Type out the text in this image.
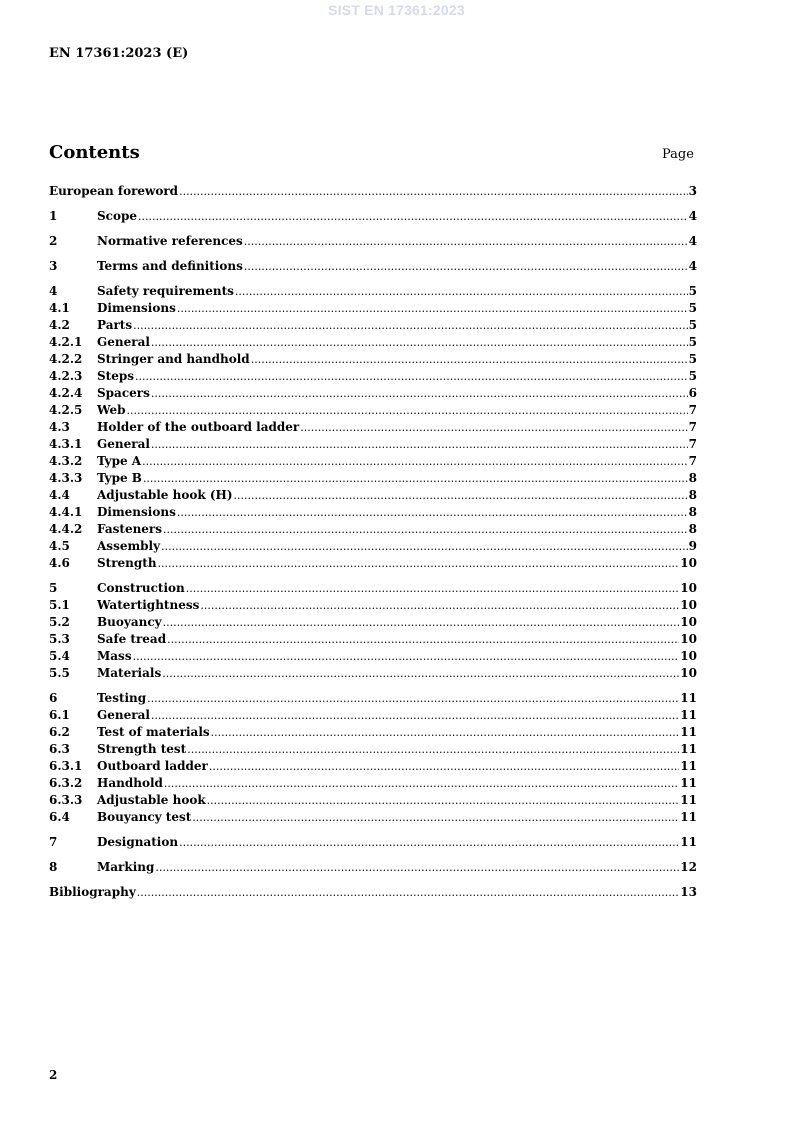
SIST EN 17361:2023
EN 17361:2023 (E)
Contents	Page
European foreword .....	3
1	Scope .....	4
2	Normative references .....	4
3	Terms and definitions .....	4
4	Safety requirements .....	5
4.1	Dimensions .....	5
4.2	Parts .....	5
4.2.1	General .....	5
4.2.2	Stringer and handhold .....	5
4.2.3	Steps .....	5
4.2.4	Spacers .....	6
4.2.5	Web .....	7
4.3	Holder of the outboard ladder .....	7
4.3.1	General .....	7
4.3.2	Type A .....	7
4.3.3	Type B .....	8
4.4	Adjustable hook (H) .....	8
4.4.1	Dimensions .....	8
4.4.2	Fasteners .....	8
4.5	Assembly .....	9
4.6	Strength .....	10
5	Construction .....	10
5.1	Watertightness .....	10
5.2	Buoyancy .....	10
5.3	Safe tread .....	10
5.4	Mass .....	10
5.5	Materials .....	10
6	Testing .....	11
6.1	General .....	11
6.2	Test of materials .....	11
6.3	Strength test .....	11
6.3.1	Outboard ladder .....	11
6.3.2	Handhold .....	11
6.3.3	Adjustable hook .....	11
6.4	Bouyancy test .....	11
7	Designation .....	11
8	Marking .....	12
Bibliography .....	13
2
